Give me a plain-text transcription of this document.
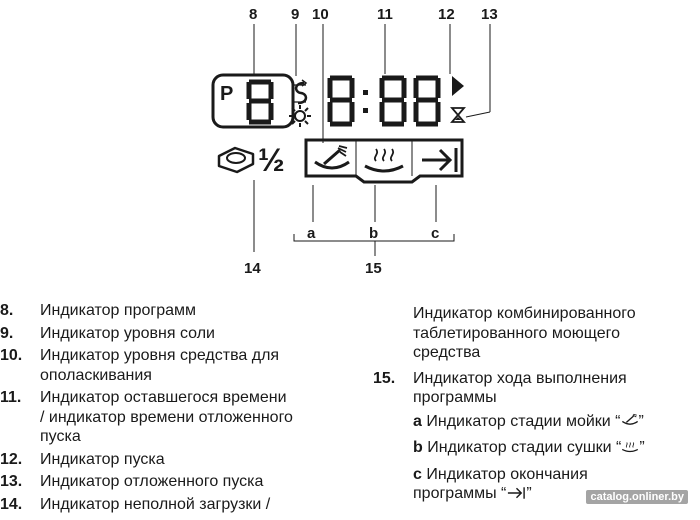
8 9 10	11	12 13
P
½
a	b	c
14	15
8. Индикатор программ
9. Индикатор уровня соли
10. Индикатор уровня средства для
ополаскивания
11. Индикатор оставшегося времени
/ индикатор времени отложенного
пуска
12. Индикатор пуска
13. Индикатор отложенного пуска
14. Индикатор неполной загрузки /
Индикатор комбинированного
таблетированного моющего
средства
15. Индикатор хода выполнения
программы
a Индикатор стадии мойки “ ”
b Индикатор стадии сушки “ ”
c Индикатор окончания
программы “ ”	catalog.onliner.by
